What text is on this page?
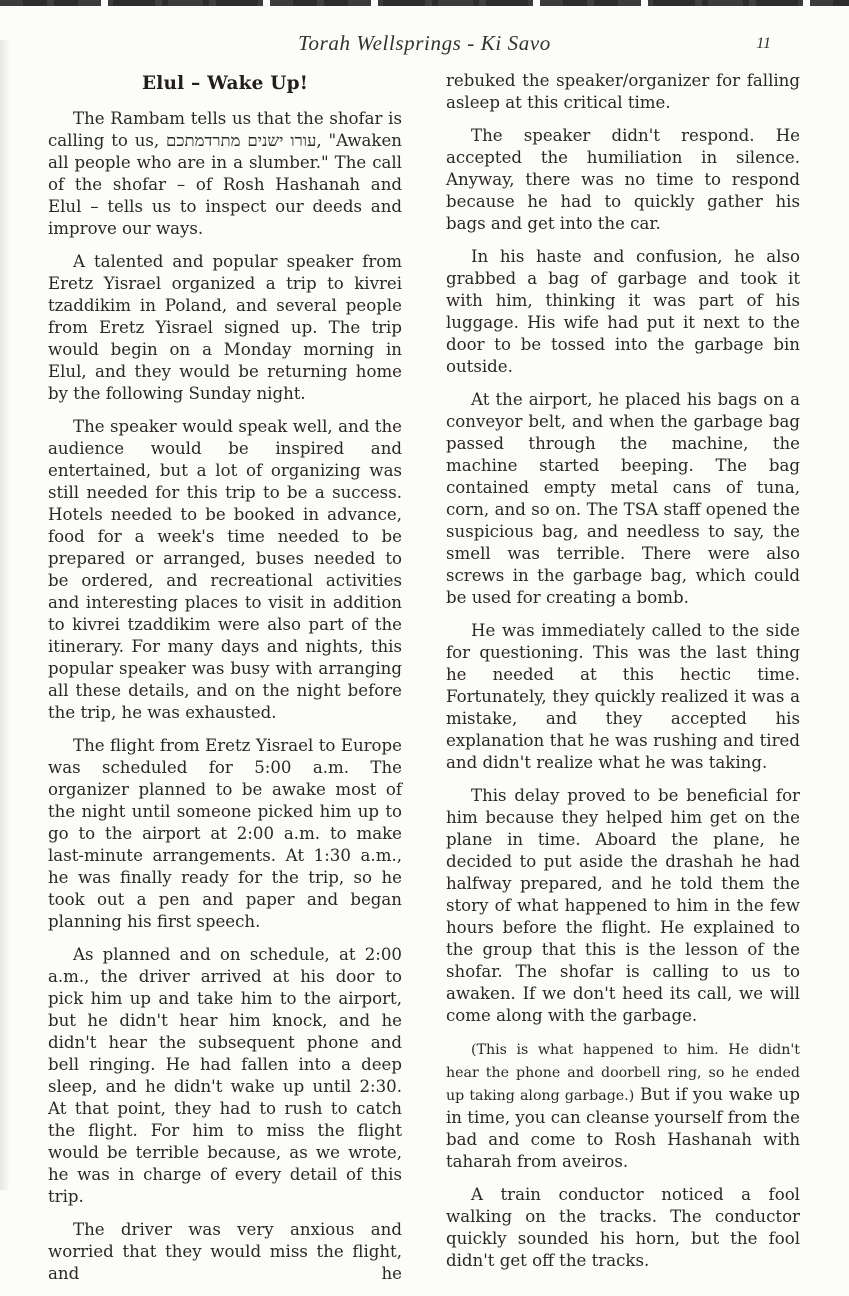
Torah Wellsprings - Ki Savo	11
Elul – Wake Up!

The Rambam tells us that the shofar is calling to us, עורו ישנים מתרדמתכם, "Awaken all people who are in a slumber." The call of the shofar – of Rosh Hashanah and Elul – tells us to inspect our deeds and improve our ways.

A talented and popular speaker from Eretz Yisrael organized a trip to kivrei tzaddikim in Poland, and several people from Eretz Yisrael signed up. The trip would begin on a Monday morning in Elul, and they would be returning home by the following Sunday night.

The speaker would speak well, and the audience would be inspired and entertained, but a lot of organizing was still needed for this trip to be a success. Hotels needed to be booked in advance, food for a week's time needed to be prepared or arranged, buses needed to be ordered, and recreational activities and interesting places to visit in addition to kivrei tzaddikim were also part of the itinerary. For many days and nights, this popular speaker was busy with arranging all these details, and on the night before the trip, he was exhausted.

The flight from Eretz Yisrael to Europe was scheduled for 5:00 a.m. The organizer planned to be awake most of the night until someone picked him up to go to the airport at 2:00 a.m. to make last-minute arrangements. At 1:30 a.m., he was finally ready for the trip, so he took out a pen and paper and began planning his first speech.

As planned and on schedule, at 2:00 a.m., the driver arrived at his door to pick him up and take him to the airport, but he didn't hear him knock, and he didn't hear the subsequent phone and bell ringing. He had fallen into a deep sleep, and he didn't wake up until 2:30. At that point, they had to rush to catch the flight. For him to miss the flight would be terrible because, as we wrote, he was in charge of every detail of this trip.

The driver was very anxious and worried that they would miss the flight, and he

rebuked the speaker/organizer for falling asleep at this critical time.

The speaker didn't respond. He accepted the humiliation in silence. Anyway, there was no time to respond because he had to quickly gather his bags and get into the car.

In his haste and confusion, he also grabbed a bag of garbage and took it with him, thinking it was part of his luggage. His wife had put it next to the door to be tossed into the garbage bin outside.

At the airport, he placed his bags on a conveyor belt, and when the garbage bag passed through the machine, the machine started beeping. The bag contained empty metal cans of tuna, corn, and so on. The TSA staff opened the suspicious bag, and needless to say, the smell was terrible. There were also screws in the garbage bag, which could be used for creating a bomb.

He was immediately called to the side for questioning. This was the last thing he needed at this hectic time. Fortunately, they quickly realized it was a mistake, and they accepted his explanation that he was rushing and tired and didn't realize what he was taking.

This delay proved to be beneficial for him because they helped him get on the plane in time. Aboard the plane, he decided to put aside the drashah he had halfway prepared, and he told them the story of what happened to him in the few hours before the flight. He explained to the group that this is the lesson of the shofar. The shofar is calling to us to awaken. If we don't heed its call, we will come along with the garbage.

(This is what happened to him. He didn't hear the phone and doorbell ring, so he ended up taking along garbage.) But if you wake up in time, you can cleanse yourself from the bad and come to Rosh Hashanah with taharah from aveiros.

A train conductor noticed a fool walking on the tracks. The conductor quickly sounded his horn, but the fool didn't get off the tracks.
